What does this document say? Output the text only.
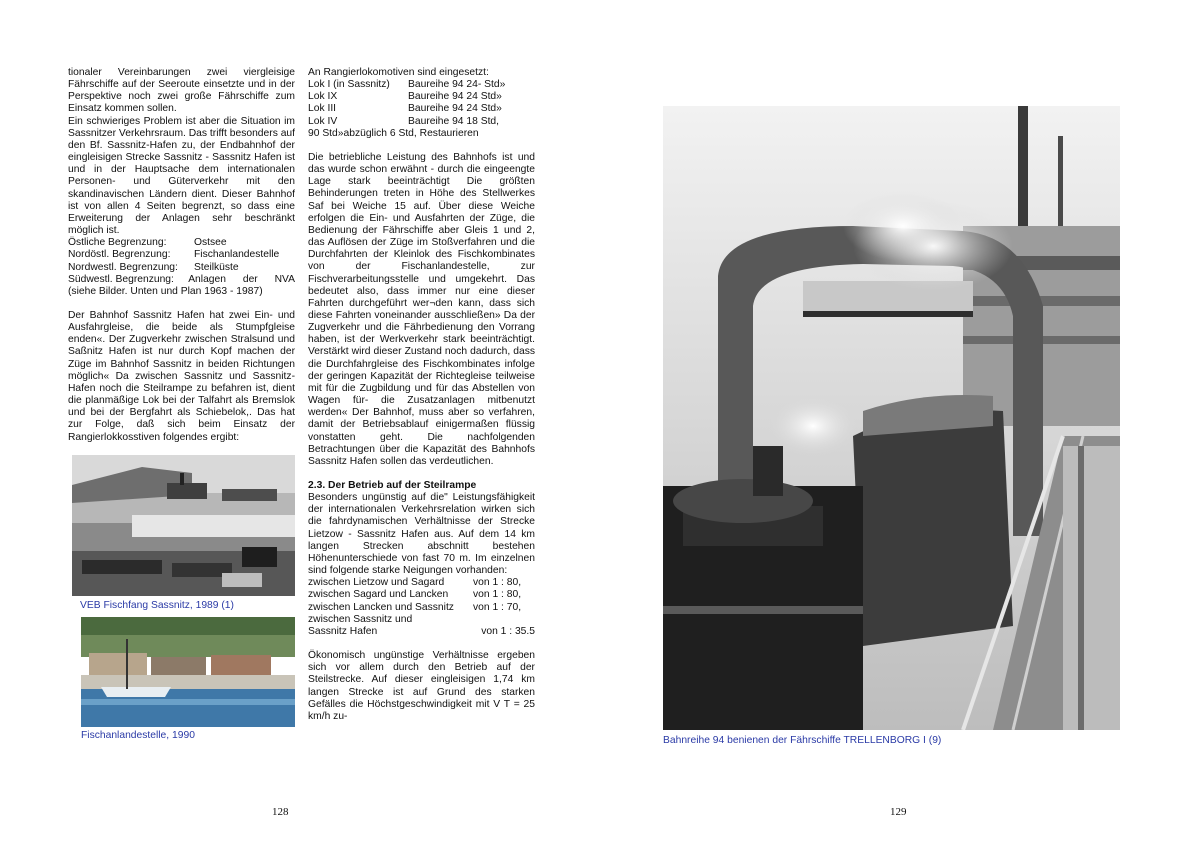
tionaler Vereinbarungen zwei viergleisige Fährschiffe auf der Seeroute einsetzte und in der Perspektive noch zwei große Fährschiffe zum Einsatz kommen sollen.

Ein schwieriges Problem ist aber die Situation im Sassnitzer Verkehrsraum. Das trifft besonders auf den Bf. Sassnitz-Hafen zu, der Endbahnhof der eingleisigen Strecke Sassnitz - Sassnitz Hafen ist und in der Hauptsache dem internationalen Personen- und Güterverkehr mit den skandinavischen Ländern dient. Dieser Bahnhof ist von allen 4 Seiten begrenzt, so dass eine Erweiterung der Anlagen sehr beschränkt möglich ist.

Östliche Begrenzung:	Ostsee
Nordöstl. Begrenzung:	Fischanlandestelle
Nordwestl. Begrenzung:	Steilküste
Südwestl. Begrenzung:	Anlagen der NVA

(siehe Bilder. Unten und Plan 1963 - 1987)

Der Bahnhof Sassnitz Hafen hat zwei Ein- und Ausfahrgleise, die beide als Stumpfgleise enden«. Der Zugverkehr zwischen Stralsund und Saßnitz Hafen ist nur durch Kopf machen der Züge im Bahnhof Sassnitz in beiden Richtungen möglich« Da zwischen Sassnitz und Sassnitz-Hafen noch die Steilrampe zu befahren ist, dient die planmäßige Lok bei der Talfahrt als Bremslok und bei der Bergfahrt als Schiebelok,. Das hat zur Folge, daß sich beim Einsatz der Rangierlokkosstiven folgendes ergibt:

VEB Fischfang Sassnitz, 1989 (1)
Fischanlandestelle, 1990

An Rangierlokomotiven sind eingesetzt:

Lok I (in Sassnitz)	Baureihe 94 24- Std»
Lok IX	Baureihe 94 24 Std»
Lok III	Baureihe 94 24 Std»
Lok IV	Baureihe 94 18 Std,

90 Std»abzüglich 6 Std, Restaurieren

Die betriebliche Leistung des Bahnhofs ist und das wurde schon erwähnt - durch die eingeengte Lage stark beeinträchtigt Die größten Behinderungen treten in Höhe des Stellwerkes Saf bei Weiche 15 auf. Über diese Weiche erfolgen die Ein- und Ausfahrten der Züge, die Bedienung der Fährschiffe aber Gleis 1 und 2, das Auflösen der Züge im Stoßverfahren und die Durchfahrten der Kleinlok des Fischkombinates von der Fischanlandestelle, zur Fischverarbeitungsstelle und umgekehrt. Das bedeutet also, dass immer nur eine dieser Fahrten durchgeführt wer¬den kann, dass sich diese Fahrten voneinander ausschließen» Da der Zugverkehr und die Fährbedienung den Vorrang haben, ist der Werkverkehr stark beeinträchtigt. Verstärkt wird dieser Zustand noch dadurch, dass die Durchfahrgleise des Fischkombinates infolge der geringen Kapazität der Richtegleise teilweise mit für die Zugbildung und für das Abstellen von Wagen für- die Zusatzanlagen mitbenutzt werden« Der Bahnhof, muss aber so verfahren, damit der Betriebsablauf einigermaßen flüssig vonstatten geht. Die nachfolgenden Betrachtungen über die Kapazität des Bahnhofs Sassnitz Hafen sollen das verdeutlichen.

2.3. Der Betrieb auf der Steilrampe

Besonders ungünstig auf die" Leistungsfähigkeit der internationalen Verkehrsrelation wirken sich die fahrdynamischen Verhältnisse der Strecke Lietzow - Sassnitz Hafen aus. Auf dem 14 km langen Strecken abschnitt bestehen Höhenunterschiede von fast 70 m. Im einzelnen sind folgende starke Neigungen vorhanden:

zwischen Lietzow und Sagard	von 1 : 80,
zwischen Sagard und Lancken	von 1 : 80,
zwischen Lancken und Sassnitz	von 1 : 70,

zwischen Sassnitz und

Sassnitz Hafen	von 1 : 35.5

Ökonomisch ungünstige Verhältnisse ergeben sich vor allem durch den Betrieb auf der Steilstrecke. Auf dieser eingleisigen 1,74 km langen Strecke ist auf Grund des starken Gefälles die Höchstgeschwindigkeit mit V T = 25 km/h zu-

128
Bahnreihe 94 benienen der Fährschiffe TRELLENBORG I (9)
129
